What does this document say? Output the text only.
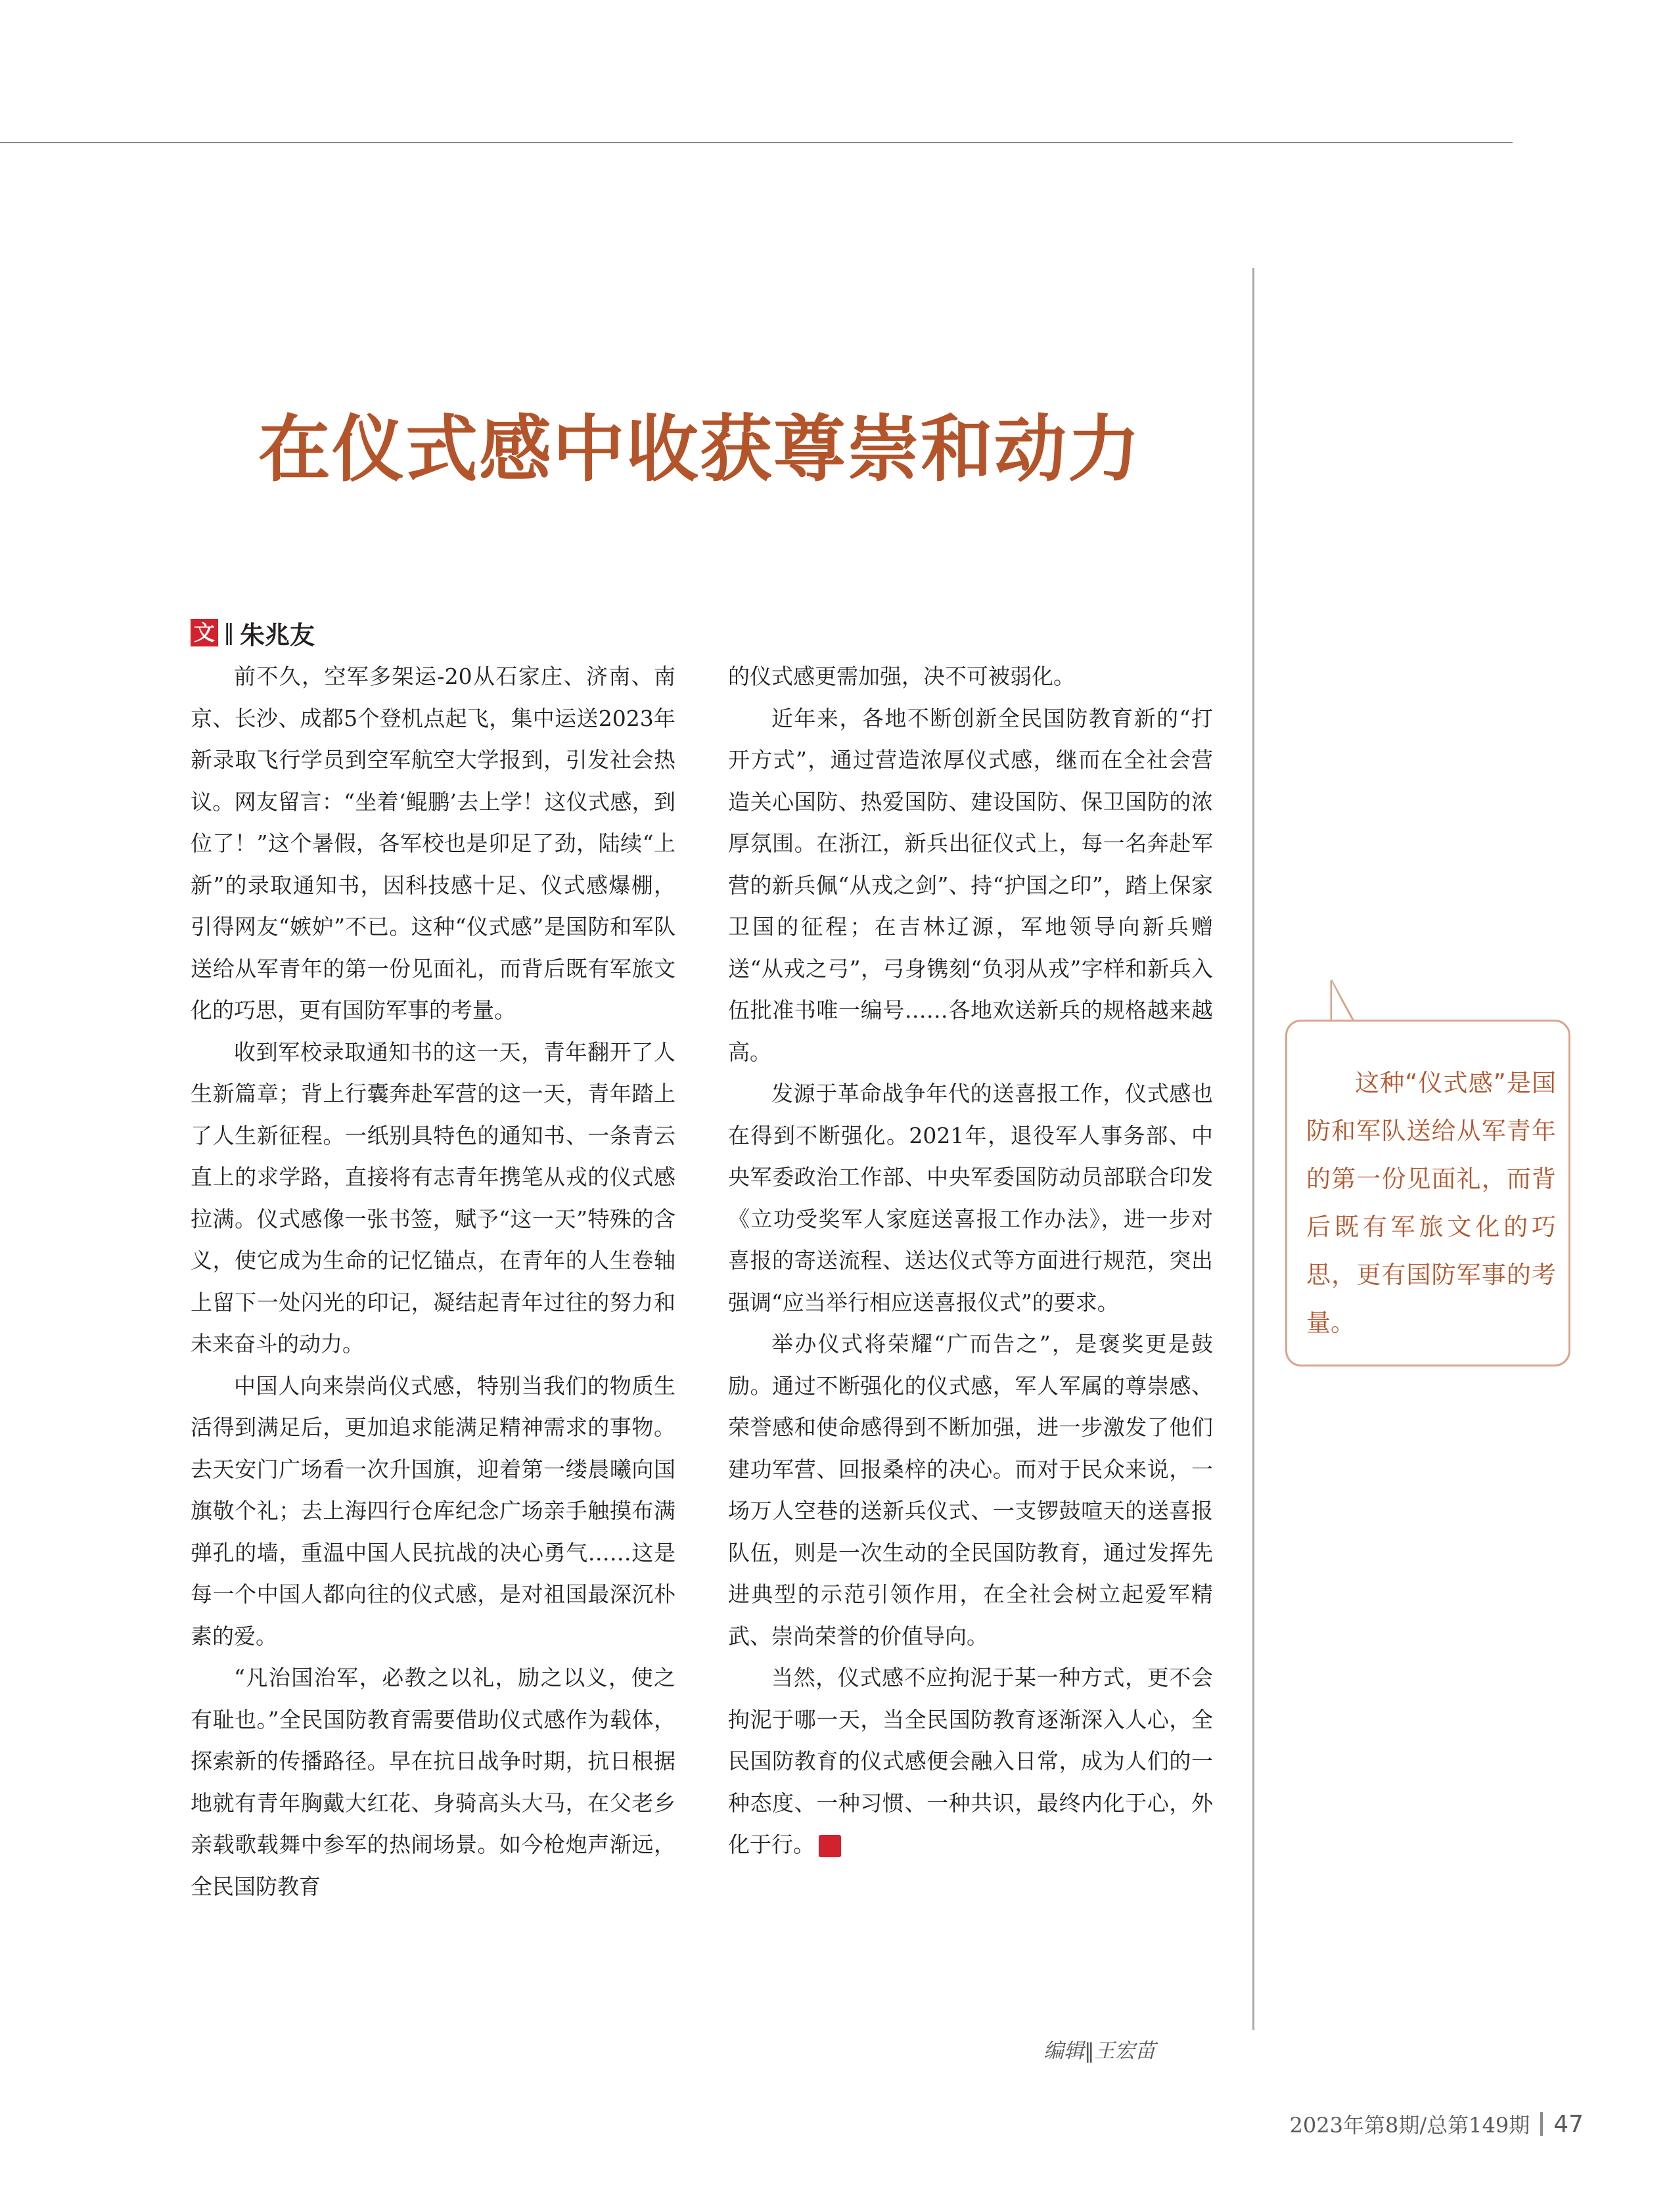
在仪式感中收获尊崇和动力
文 ‖ 朱兆友

前不久，空军多架运-20从石家庄、济南、南京、长沙、成都5个登机点起飞，集中运送2023年新录取飞行学员到空军航空大学报到，引发社会热议。网友留言：“坐着‘鲲鹏’去上学！这仪式感，到位了！”这个暑假，各军校也是卯足了劲，陆续“上新”的录取通知书，因科技感十足、仪式感爆棚，引得网友“嫉妒”不已。这种“仪式感”是国防和军队送给从军青年的第一份见面礼，而背后既有军旅文化的巧思，更有国防军事的考量。

收到军校录取通知书的这一天，青年翻开了人生新篇章；背上行囊奔赴军营的这一天，青年踏上了人生新征程。一纸别具特色的通知书、一条青云直上的求学路，直接将有志青年携笔从戎的仪式感拉满。仪式感像一张书签，赋予“这一天”特殊的含义，使它成为生命的记忆锚点，在青年的人生卷轴上留下一处闪光的印记，凝结起青年过往的努力和未来奋斗的动力。

中国人向来崇尚仪式感，特别当我们的物质生活得到满足后，更加追求能满足精神需求的事物。去天安门广场看一次升国旗，迎着第一缕晨曦向国旗敬个礼；去上海四行仓库纪念广场亲手触摸布满弹孔的墙，重温中国人民抗战的决心勇气……这是每一个中国人都向往的仪式感，是对祖国最深沉朴素的爱。

“凡治国治军，必教之以礼，励之以义，使之有耻也。”全民国防教育需要借助仪式感作为载体，探索新的传播路径。早在抗日战争时期，抗日根据地就有青年胸戴大红花、身骑高头大马，在父老乡亲载歌载舞中参军的热闹场景。如今枪炮声渐远，全民国防教育

的仪式感更需加强，决不可被弱化。

近年来，各地不断创新全民国防教育新的“打开方式”，通过营造浓厚仪式感，继而在全社会营造关心国防、热爱国防、建设国防、保卫国防的浓厚氛围。在浙江，新兵出征仪式上，每一名奔赴军营的新兵佩“从戎之剑”、持“护国之印”，踏上保家卫国的征程；在吉林辽源，军地领导向新兵赠送“从戎之弓”，弓身镌刻“负羽从戎”字样和新兵入伍批准书唯一编号……各地欢送新兵的规格越来越高。

发源于革命战争年代的送喜报工作，仪式感也在得到不断强化。2021年，退役军人事务部、中央军委政治工作部、中央军委国防动员部联合印发《立功受奖军人家庭送喜报工作办法》，进一步对喜报的寄送流程、送达仪式等方面进行规范，突出强调“应当举行相应送喜报仪式”的要求。

举办仪式将荣耀“广而告之”，是褒奖更是鼓励。通过不断强化的仪式感，军人军属的尊崇感、荣誉感和使命感得到不断加强，进一步激发了他们建功军营、回报桑梓的决心。而对于民众来说，一场万人空巷的送新兵仪式、一支锣鼓喧天的送喜报队伍，则是一次生动的全民国防教育，通过发挥先进典型的示范引领作用，在全社会树立起爱军精武、崇尚荣誉的价值导向。

当然，仪式感不应拘泥于某一种方式，更不会拘泥于哪一天，当全民国防教育逐渐深入人心，全民国防教育的仪式感便会融入日常，成为人们的一种态度、一种习惯、一种共识，最终内化于心，外化于行。	G

这种“仪式感”是国防和军队送给从军青年的第一份见面礼，而背后既有军旅文化的巧思，更有国防军事的考量。

编辑‖王宏苗
2023年第8期/总第149期 47
